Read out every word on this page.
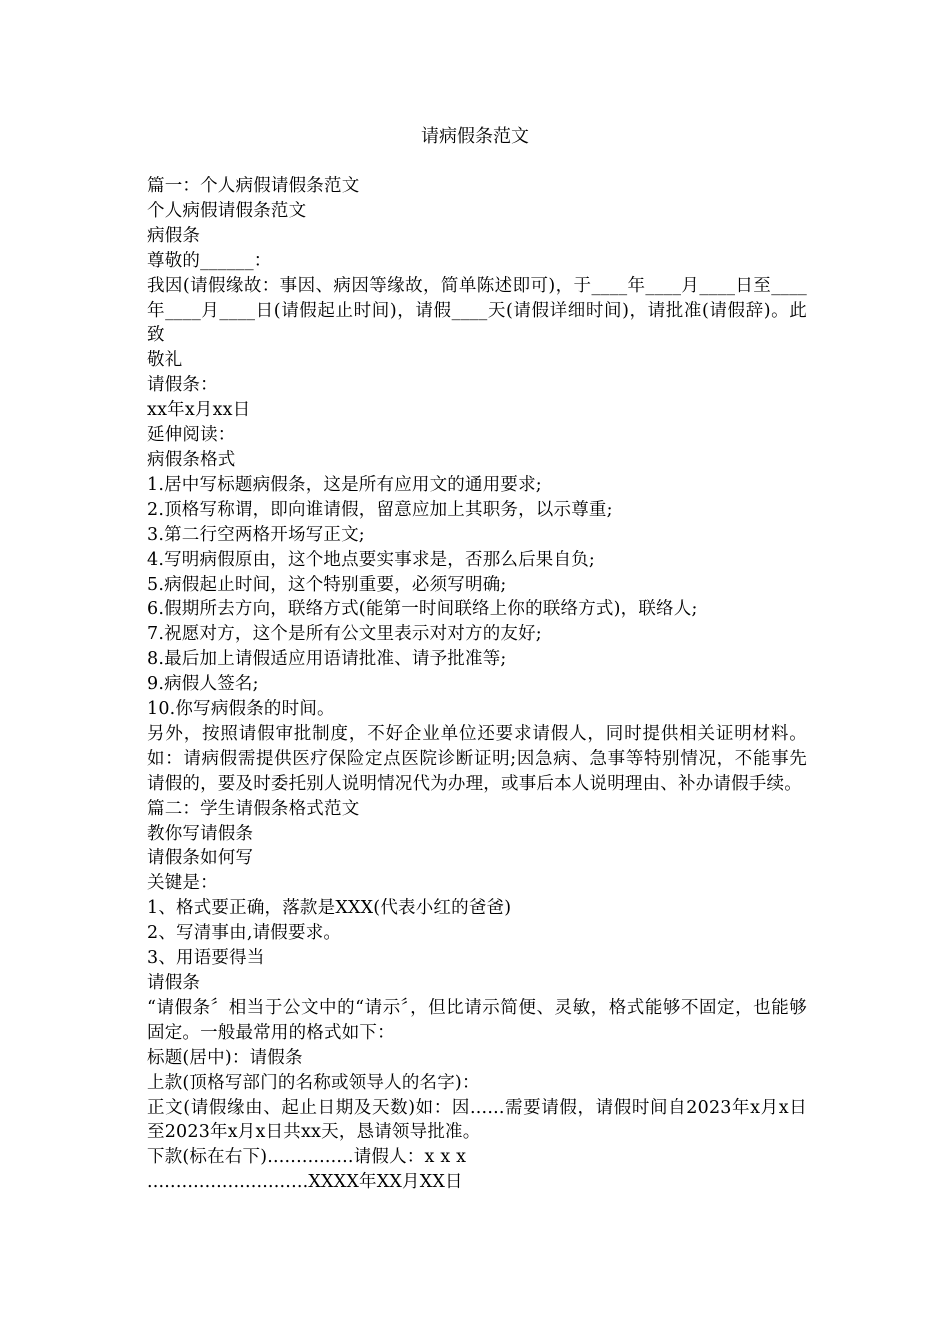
请病假条范文
篇一：个人病假请假条范文
个人病假请假条范文
病假条
尊敬的______：
我因(请假缘故：事因、病因等缘故，简单陈述即可)，于____年____月____日至____年____月____日(请假起止时间)，请假____天(请假详细时间)，请批准(请假辞)。此致
敬礼
请假条：
xx年x月xx日
延伸阅读：
病假条格式
1.居中写标题病假条，这是所有应用文的通用要求;
2.顶格写称谓，即向谁请假，留意应加上其职务，以示尊重;
3.第二行空两格开场写正文;
4.写明病假原由，这个地点要实事求是，否那么后果自负;
5.病假起止时间，这个特别重要，必须写明确;
6.假期所去方向，联络方式(能第一时间联络上你的联络方式)，联络人;
7.祝愿对方，这个是所有公文里表示对对方的友好;
8.最后加上请假适应用语请批准、请予批准等;
9.病假人签名;
10.你写病假条的时间。
另外，按照请假审批制度，不好企业单位还要求请假人，同时提供相关证明材料。如：请病假需提供医疗保险定点医院诊断证明;因急病、急事等特别情况，不能事先请假的，要及时委托别人说明情况代为办理，或事后本人说明理由、补办请假手续。
篇二：学生请假条格式范文
教你写请假条
请假条如何写
关键是：
1、格式要正确，落款是XXX(代表小红的爸爸)
2、写清事由,请假要求。
3、用语要得当
请假条
“请假条〞相当于公文中的“请示〞，但比请示简便、灵敏，格式能够不固定，也能够固定。一般最常用的格式如下：
标题(居中)：请假条
上款(顶格写部门的名称或领导人的名字)：
正文(请假缘由、起止日期及天数)如：因......需要请假，请假时间自2023年x月x日至2023年x月x日共xx天，恳请领导批准。
下款(标在右下)...............请假人：x x x
............................XXXX年XX月XX日
